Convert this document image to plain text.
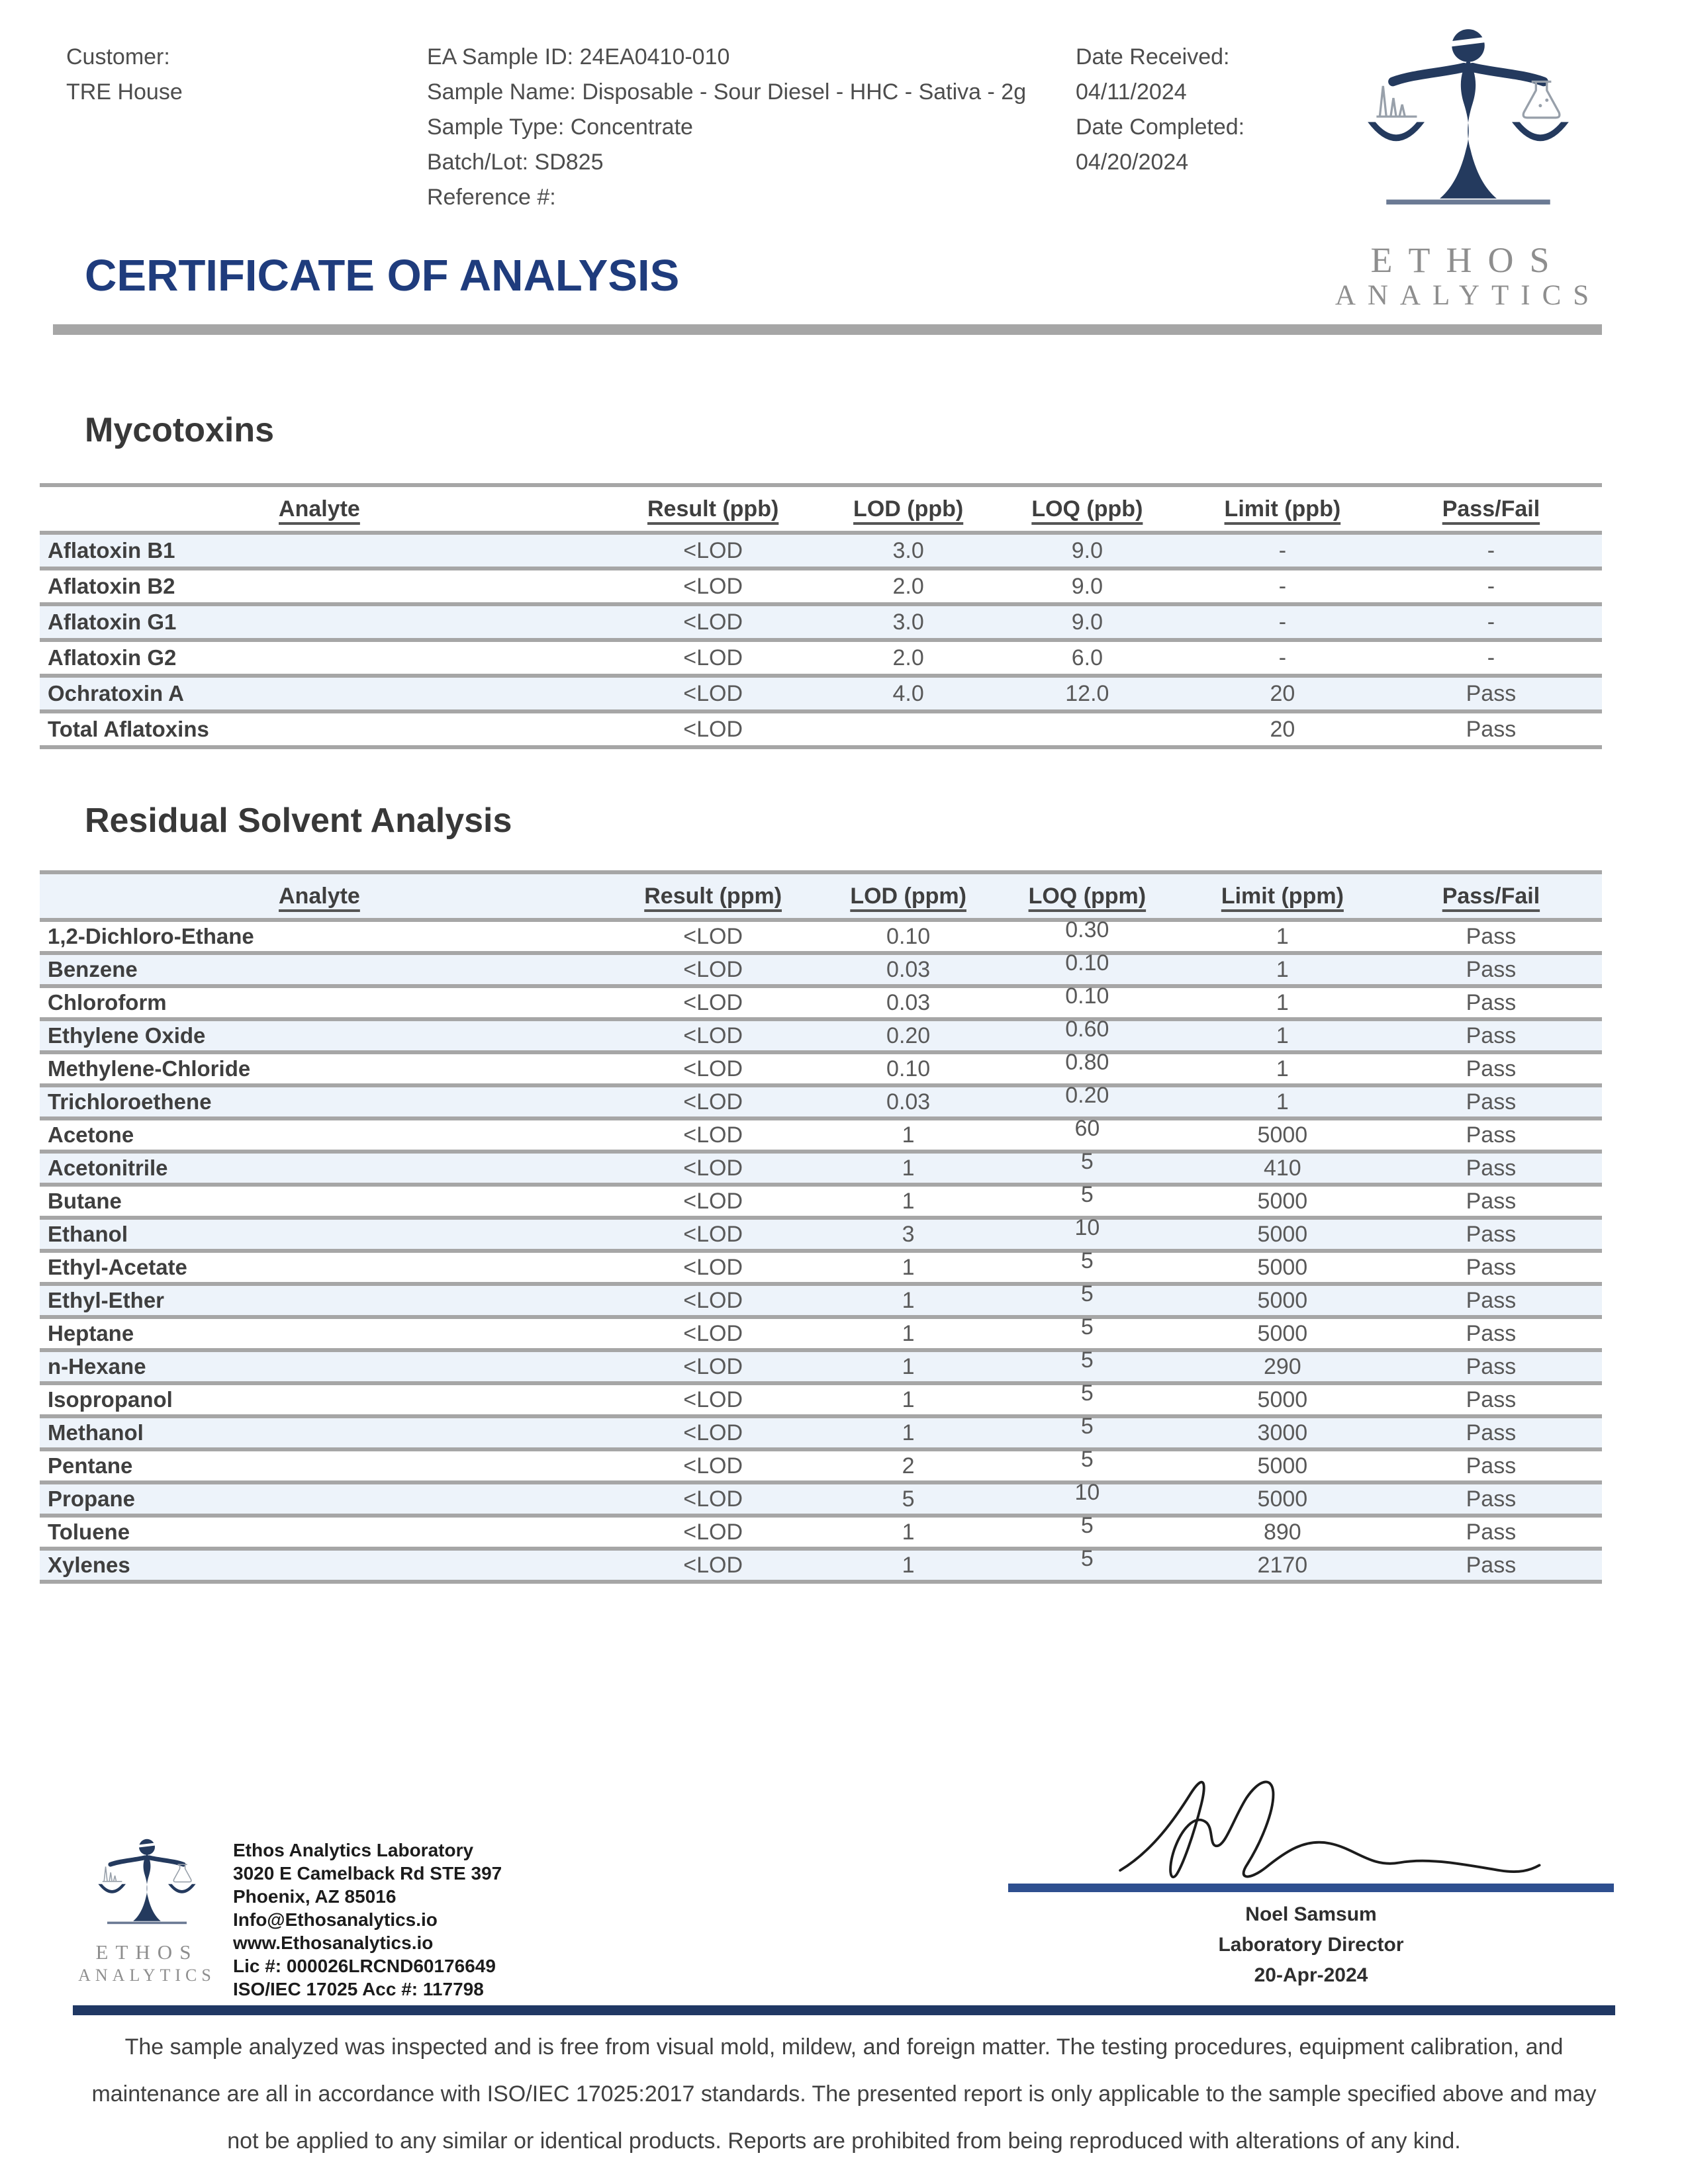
Customer:
TRE House
EA Sample ID: 24EA0410-010
Sample Name: Disposable - Sour Diesel - HHC - Sativa - 2g
Sample Type: Concentrate
Batch/Lot: SD825
Reference #:
Date Received:
04/11/2024
Date Completed:
04/20/2024
ETHOS
ANALYTICS
CERTIFICATE OF ANALYSIS
Mycotoxins
Analyte	Result (ppb)	LOD (ppb)	LOQ (ppb)	Limit (ppb)	Pass/Fail
Aflatoxin B1	<LOD	3.0	9.0	-	-
Aflatoxin B2	<LOD	2.0	9.0	-	-
Aflatoxin G1	<LOD	3.0	9.0	-	-
Aflatoxin G2	<LOD	2.0	6.0	-	-
Ochratoxin A	<LOD	4.0	12.0	20	Pass
Total Aflatoxins	<LOD			20	Pass
Residual Solvent Analysis
Analyte	Result (ppm)	LOD (ppm)	LOQ (ppm)	Limit (ppm)	Pass/Fail
1,2-Dichloro-Ethane	<LOD	0.10	0.30	1	Pass
Benzene	<LOD	0.03	0.10	1	Pass
Chloroform	<LOD	0.03	0.10	1	Pass
Ethylene Oxide	<LOD	0.20	0.60	1	Pass
Methylene-Chloride	<LOD	0.10	0.80	1	Pass
Trichloroethene	<LOD	0.03	0.20	1	Pass
Acetone	<LOD	1	60	5000	Pass
Acetonitrile	<LOD	1	5	410	Pass
Butane	<LOD	1	5	5000	Pass
Ethanol	<LOD	3	10	5000	Pass
Ethyl-Acetate	<LOD	1	5	5000	Pass
Ethyl-Ether	<LOD	1	5	5000	Pass
Heptane	<LOD	1	5	5000	Pass
n-Hexane	<LOD	1	5	290	Pass
Isopropanol	<LOD	1	5	5000	Pass
Methanol	<LOD	1	5	3000	Pass
Pentane	<LOD	2	5	5000	Pass
Propane	<LOD	5	10	5000	Pass
Toluene	<LOD	1	5	890	Pass
Xylenes	<LOD	1	5	2170	Pass
ETHOS
ANALYTICS
Ethos Analytics Laboratory
3020 E Camelback Rd STE 397
Phoenix, AZ 85016
Info@Ethosanalytics.io
www.Ethosanalytics.io
Lic #: 000026LRCND60176649
ISO/IEC 17025 Acc #: 117798
Noel Samsum
Laboratory Director
20-Apr-2024
The sample analyzed was inspected and is free from visual mold, mildew, and foreign matter. The testing procedures, equipment calibration, and maintenance are all in accordance with ISO/IEC 17025:2017 standards. The presented report is only applicable to the sample specified above and may not be applied to any similar or identical products. Reports are prohibited from being reproduced with alterations of any kind.
